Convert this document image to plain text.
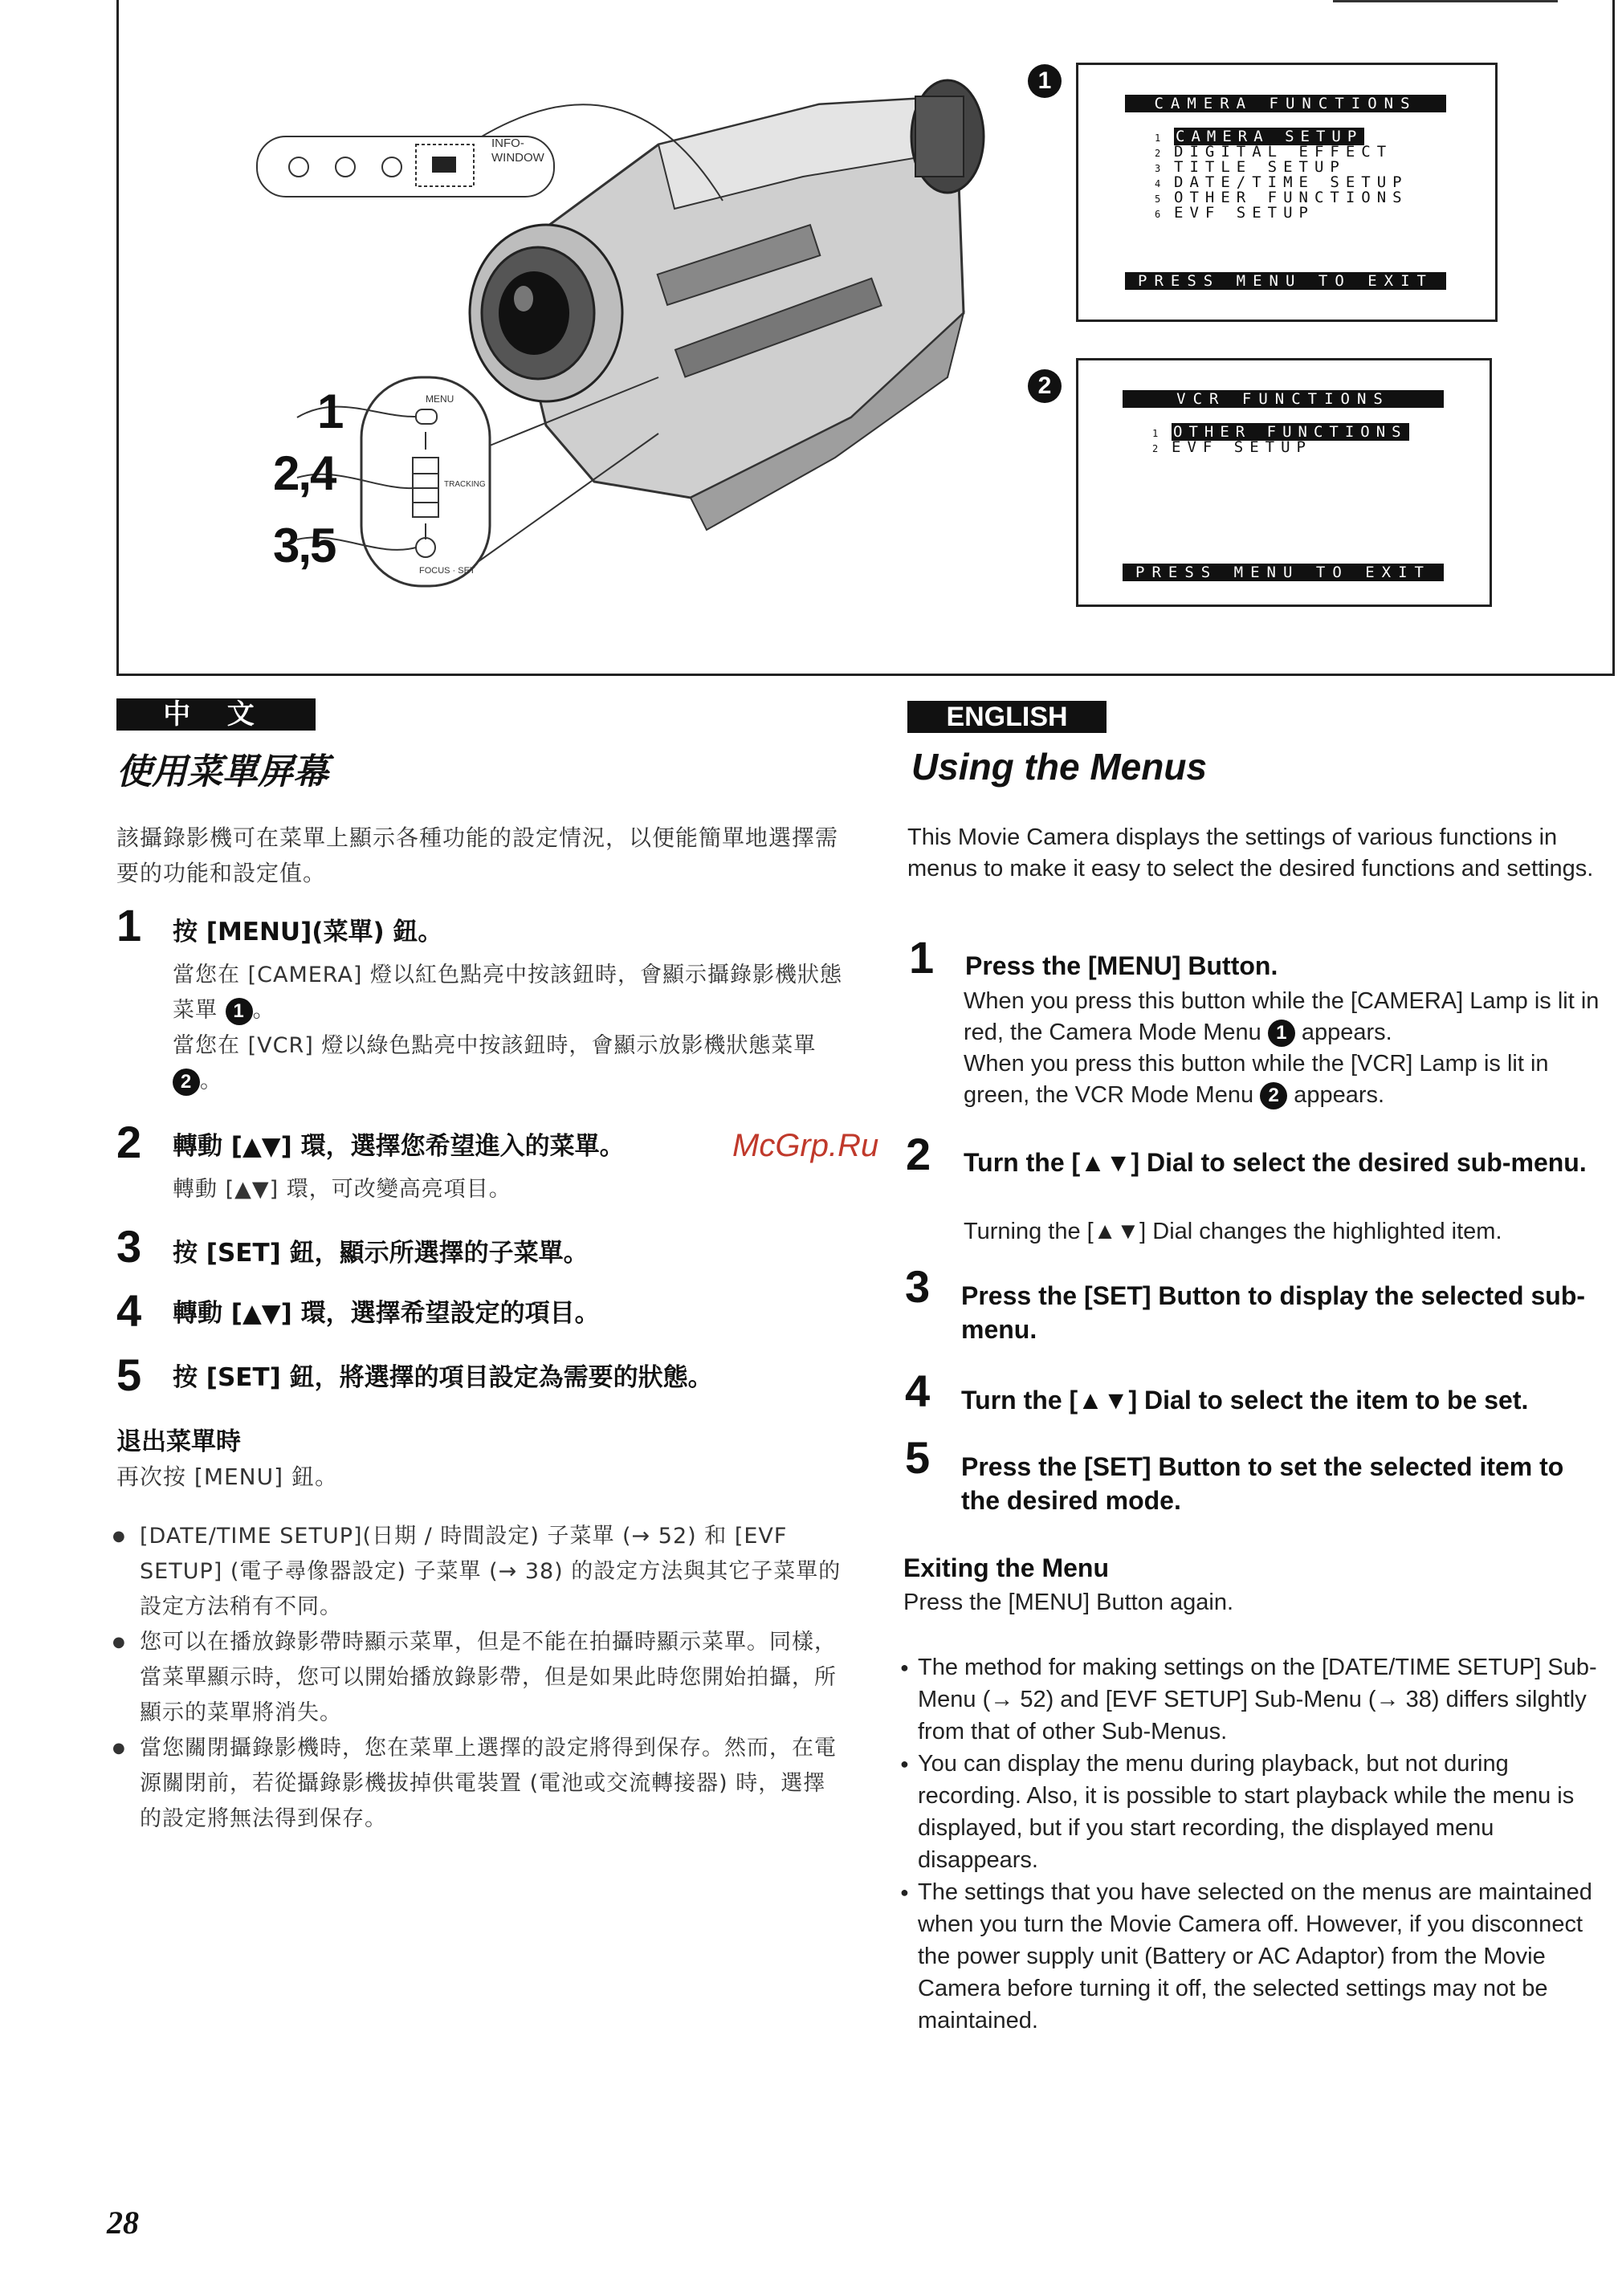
INFO-
WINDOW
MENU
TRACKING
FOCUS · SET
1
2,4
3,5
1
CAMERA FUNCTIONS
1 CAMERA SETUP
2 DIGITAL EFFECT
3 TITLE SETUP
4 DATE/TIME SETUP
5 OTHER FUNCTIONS
6 EVF SETUP
PRESS MENU TO EXIT
2	VCR FUNCTIONS
1 OTHER FUNCTIONS
2 EVF SETUP
PRESS MENU TO EXIT
中 文
使用菜單屏幕
該攝錄影機可在菜單上顯示各種功能的設定情況，以便能簡單地選擇需要的功能和設定值。
1 按 [MENU](菜單) 鈕。
當您在 [CAMERA] 燈以紅色點亮中按該鈕時，會顯示攝錄影機狀態菜單 1 。
當您在 [VCR] 燈以綠色點亮中按該鈕時，會顯示放影機狀態菜單 2 。
2 轉動 [▲▼] 環，選擇您希望進入的菜單。
轉動 [▲▼] 環，可改變高亮項目。
3 按 [SET] 鈕，顯示所選擇的子菜單。
4 轉動 [▲▼] 環，選擇希望設定的項目。
5 按 [SET] 鈕，將選擇的項目設定為需要的狀態。
退出菜單時
再次按 [MENU] 鈕。
● [DATE/TIME SETUP](日期 / 時間設定) 子菜單 (→ 52) 和 [EVF SETUP] (電子尋像器設定) 子菜單 (→ 38) 的設定方法與其它子菜單的設定方法稍有不同。
● 您可以在播放錄影帶時顯示菜單，但是不能在拍攝時顯示菜單。同樣，當菜單顯示時，您可以開始播放錄影帶，但是如果此時您開始拍攝，所顯示的菜單將消失。
● 當您關閉攝錄影機時，您在菜單上選擇的設定將得到保存。然而，在電源關閉前，若從攝錄影機拔掉供電裝置 (電池或交流轉接器) 時，選擇的設定將無法得到保存。
ENGLISH
Using the Menus
This Movie Camera displays the settings of various functions in menus to make it easy to select the desired functions and settings.
1 Press the [MENU] Button.
When you press this button while the [CAMERA] Lamp is lit in red, the Camera Mode Menu 1 appears.
When you press this button while the [VCR] Lamp is lit in green, the VCR Mode Menu 2 appears.
2 Turn the [▲▼] Dial to select the desired sub-menu.
Turning the [▲▼] Dial changes the highlighted item.
3 Press the [SET] Button to display the selected sub-menu.
4 Turn the [▲▼] Dial to select the item to be set.
5 Press the [SET] Button to set the selected item to the desired mode.
Exiting the Menu
Press the [MENU] Button again.
● The method for making settings on the [DATE/TIME SETUP] Sub-Menu (→ 52) and [EVF SETUP] Sub-Menu (→ 38) differs silghtly from that of other Sub-Menus.
● You can display the menu during playback, but not during recording. Also, it is possible to start playback while the menu is displayed, but if you start recording, the displayed menu disappears.
● The settings that you have selected on the menus are maintained when you turn the Movie Camera off. However, if you disconnect the power supply unit (Battery or AC Adaptor) from the Movie Camera before turning it off, the selected settings may not be maintained.
McGrp.Ru
28
